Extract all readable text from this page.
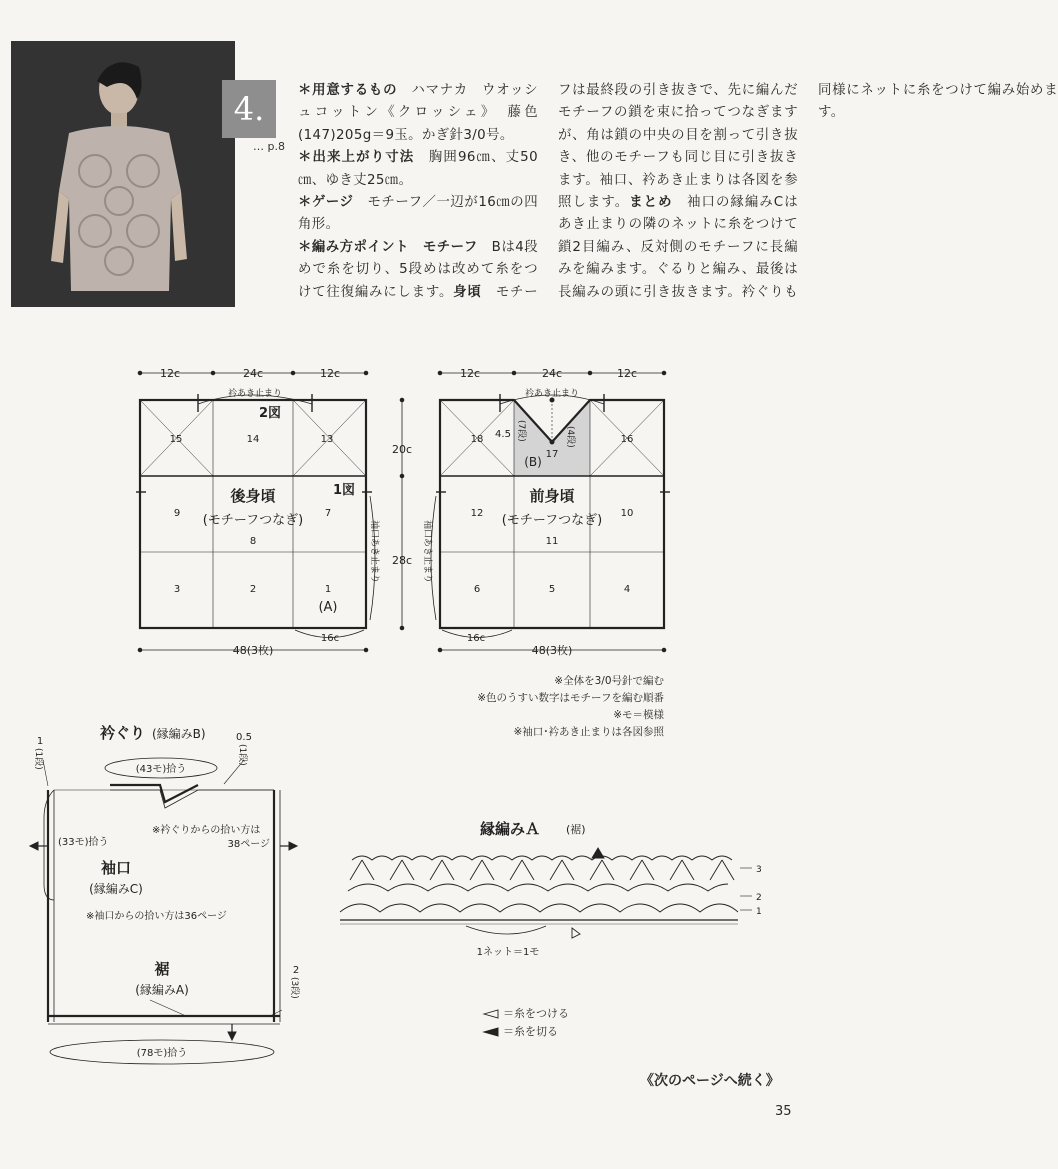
4.
… p.8

＊用意するもの　 ハマナカ　ウオッシュコットン《クロッシェ》　藤色(147)205g＝9玉。かぎ針3/0号。
＊出来上がり寸法　 胸囲96㎝、丈50㎝、ゆき丈25㎝。
＊ゲージ　 モチーフ／一辺が16㎝の四角形。
＊編み方ポイント　モチーフ　 Bは4段めで糸を切り、5段めは改めて糸をつけて往復編みにします。身頃　 モチーフは最終段の引き抜きで、先に編んだモチーフの鎖を束に拾ってつなぎますが、角は鎖の中央の目を割って引き抜き、他のモチーフも同じ目に引き抜きます。袖口、衿あき止まりは各図を参照します。まとめ　 袖口の縁編みCはあき止まりの隣のネットに糸をつけて鎖2目編み、反対側のモチーフに長編みを編みます。ぐるりと編み、最後は長編みの頭に引き抜きます。衿ぐりも同様にネットに糸をつけて編み始めます。

12c	24c	12c
衿あき止まり
2図
1図
15	14	13
後身頃
(モチーフつなぎ)
9
8
7
3	2	1
(A)
袖口あき止まり
16c
48(3枚)
20c
28c
12c	24c	12c
衿あき止まり
4.5 (7段)	(4段)
(B)
18
17
16
前身頃
(モチーフつなぎ)
12
11
10
6	5	4
袖口あき止まり
16c
48(3枚)
衿ぐり (縁編みB)
(43モ)拾う
1
(1段)
0.5
(1段)
※衿ぐりからの拾い方は
38ページ
(33モ)拾う
袖口
(縁編みC)
※袖口からの拾い方は36ページ
裾
(縁編みA)
2
(3段)
(78モ)拾う
縁編みＡ (裾)
1ネット＝1モ
3
2
1
※全体を3/0号針で編む
※色のうすい数字はモチーフを編む順番
※モ＝模様
※袖口･衿あき止まりは各図参照
＝糸をつける
＝糸を切る
《次のページへ続く》
35
